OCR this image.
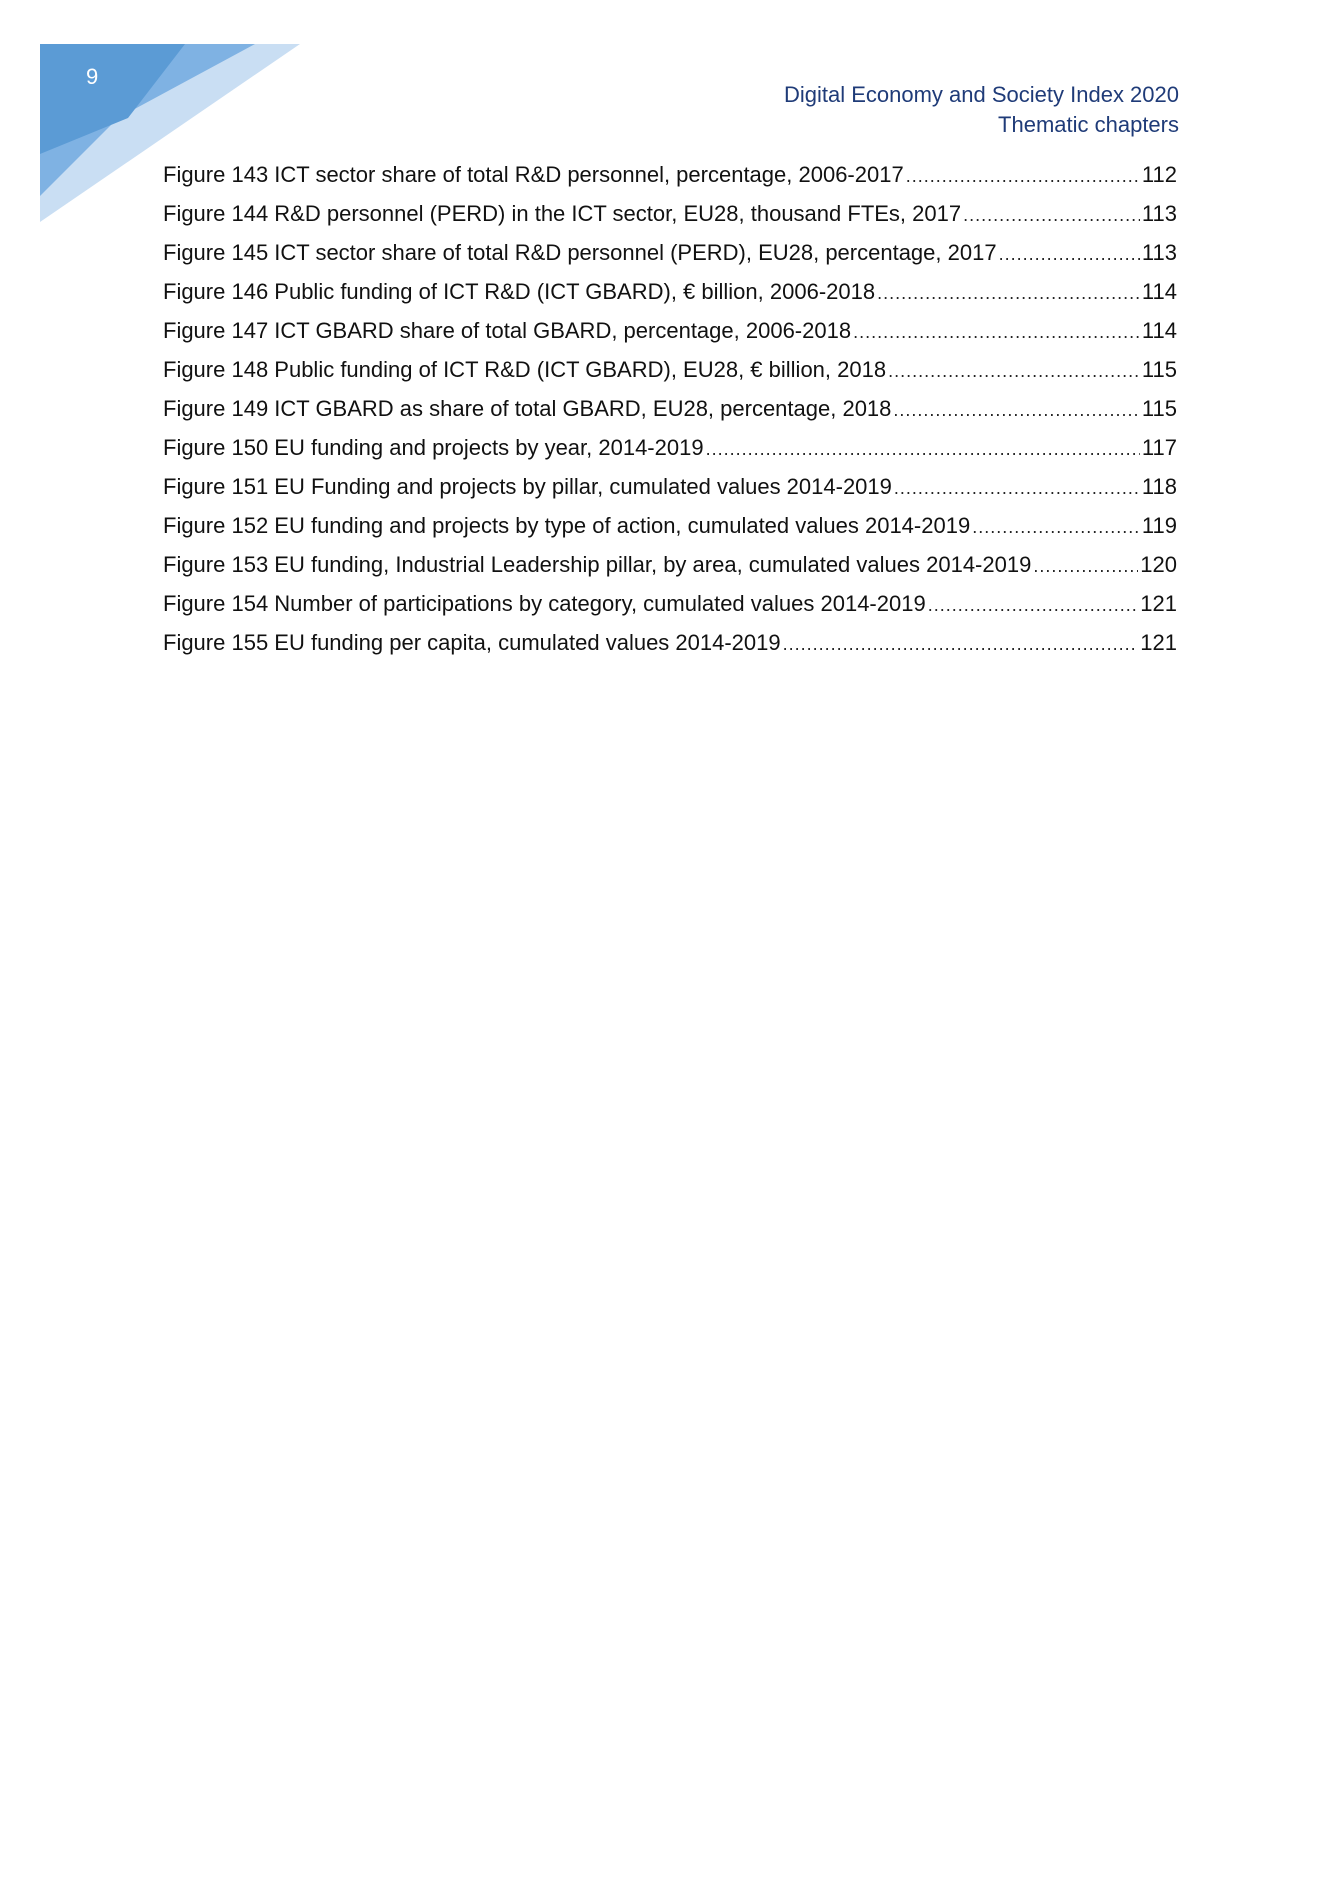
9
Digital Economy and Society Index 2020
Thematic chapters
Figure 143 ICT sector share of total R&D personnel, percentage, 2006-2017 .....	112
Figure 144 R&D personnel (PERD) in the ICT sector, EU28, thousand FTEs, 2017 .....	113
Figure 145 ICT sector share of total R&D personnel (PERD), EU28, percentage, 2017 .....	113
Figure 146 Public funding of ICT R&D (ICT GBARD), € billion, 2006-2018 .....	114
Figure 147 ICT GBARD share of total GBARD, percentage, 2006-2018 .....	114
Figure 148 Public funding of ICT R&D (ICT GBARD), EU28, € billion, 2018 .....	115
Figure 149 ICT GBARD as share of total GBARD, EU28, percentage, 2018 .....	115
Figure 150 EU funding and projects by year, 2014-2019 .....	117
Figure 151 EU Funding and projects by pillar, cumulated values 2014-2019 .....	118
Figure 152 EU funding and projects by type of action, cumulated values 2014-2019 .....	119
Figure 153 EU funding, Industrial Leadership pillar, by area, cumulated values 2014-2019 .....	120
Figure 154 Number of participations by category, cumulated values 2014-2019 .....	121
Figure 155 EU funding per capita, cumulated values 2014-2019 .....	121
